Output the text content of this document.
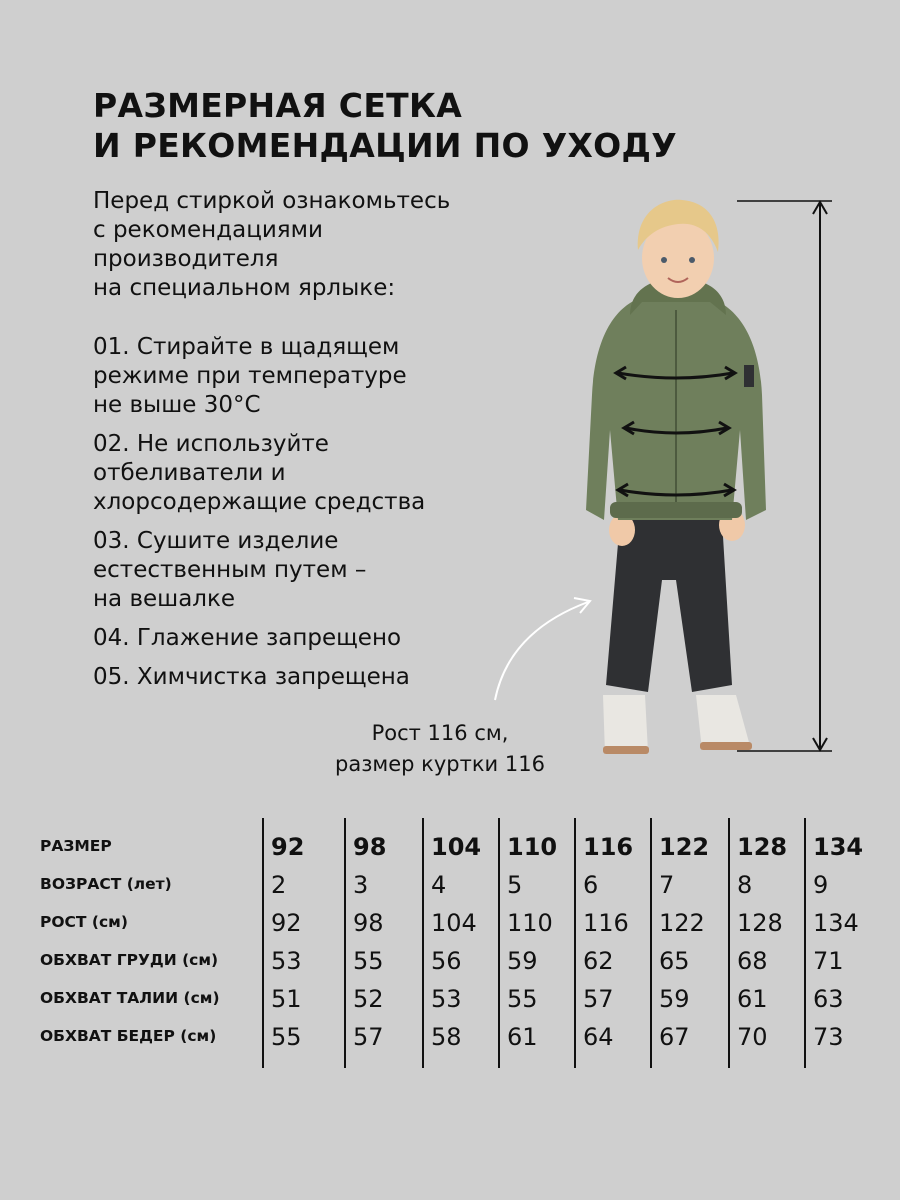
РАЗМЕРНАЯ СЕТКА
И РЕКОМЕНДАЦИИ ПО УХОДУ
Перед стиркой ознакомьтесь
с рекомендациями
производителя
на специальном ярлыке:
01. Стирайте в щадящем
режиме при температуре
не выше 30°С
02. Не используйте
отбеливатели и
хлорсодержащие средства
03. Сушите изделие
естественным путем –
на вешалке
04. Глажение запрещено
05. Химчистка запрещена
Рост 116 см,
размер куртки 116
РАЗМЕР
ВОЗРАСТ (лет)
РОСТ (см)
ОБХВАТ ГРУДИ (см)
ОБХВАТ ТАЛИИ (см)
ОБХВАТ БЕДЕР (см)
92
2
92
53
51
55
98
3
98
55
52
57
104
4
104
56
53
58
110
5
110
59
55
61
116
6
116
62
57
64
122
7
122
65
59
67
128
8
128
68
61
70
134
9
134
71
63
73
